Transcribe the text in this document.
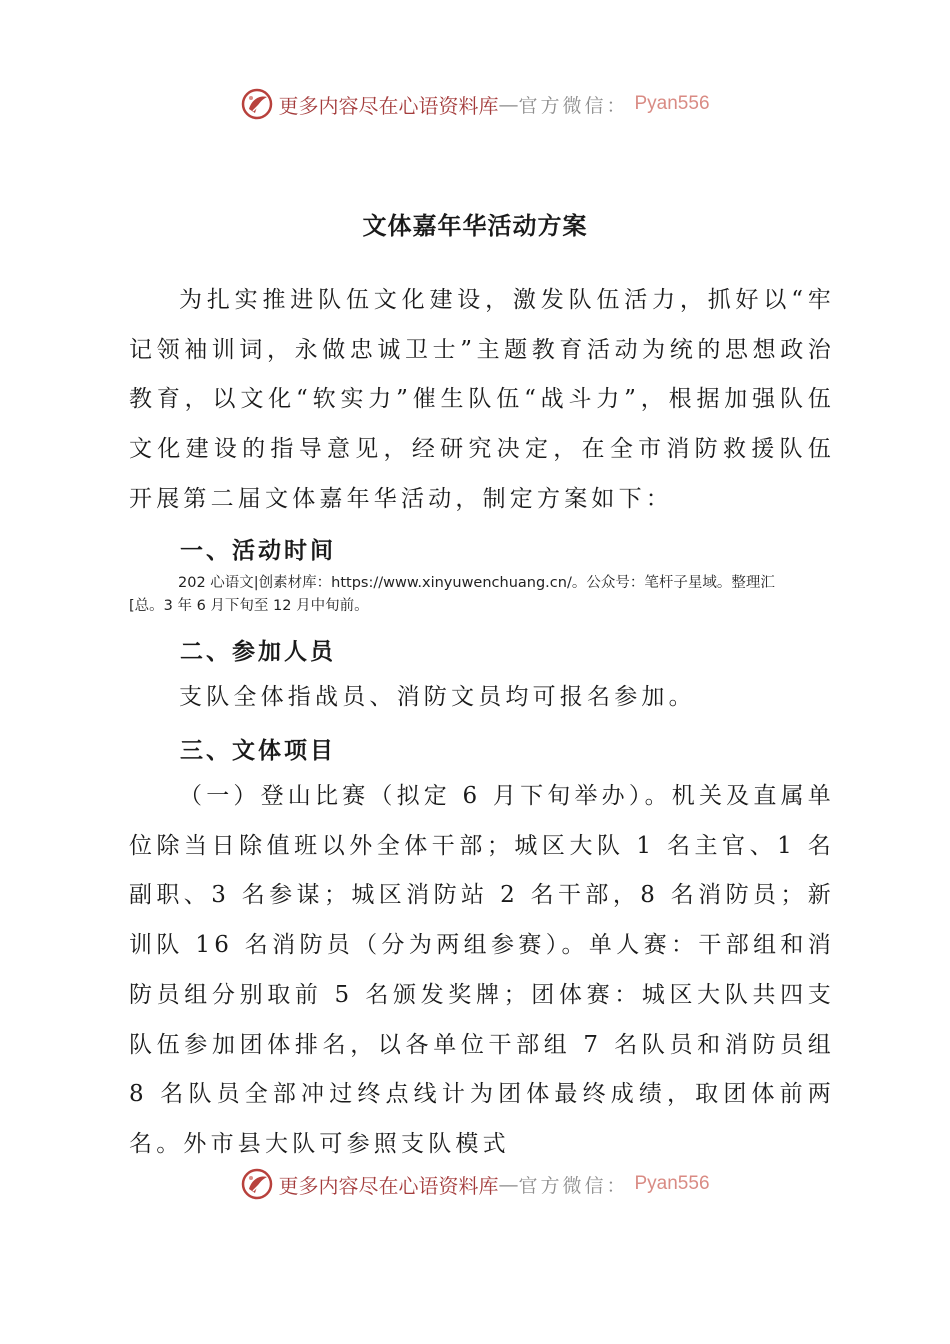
更多内容尽在心语资料库 — 官方微信： Pyan556
文体嘉年华活动方案

为扎实推进队伍文化建设，激发队伍活力，抓好以“牢记领袖训词，永做忠诚卫士”主题教育活动为统的思想政治教育，以文化“软实力”催生队伍“战斗力”，根据加强队伍文化建设的指导意见，经研究决定，在全市消防救援队伍开展第二届文体嘉年华活动，制定方案如下：

一、活动时间
202 心语文|创素材库：https://www.xinyuwenchuang.cn/。公众号：笔杆子星域。整理汇
[总。3 年 6 月下旬至 12 月中旬前。
二、参加人员

支队全体指战员、消防文员均可报名参加。

三、文体项目

（一）登山比赛（拟定 6 月下旬举办）。机关及直属单位除当日除值班以外全体干部；城区大队 1 名主官、1 名副职、3 名参谋；城区消防站 2 名干部，8 名消防员；新训队 16 名消防员（分为两组参赛）。单人赛：干部组和消防员组分别取前 5 名颁发奖牌；团体赛：城区大队共四支队伍参加团体排名，以各单位干部组 7 名队员和消防员组 8 名队员全部冲过终点线计为团体最终成绩，取团体前两名。外市县大队可参照支队模式

更多内容尽在心语资料库 — 官方微信： Pyan556
